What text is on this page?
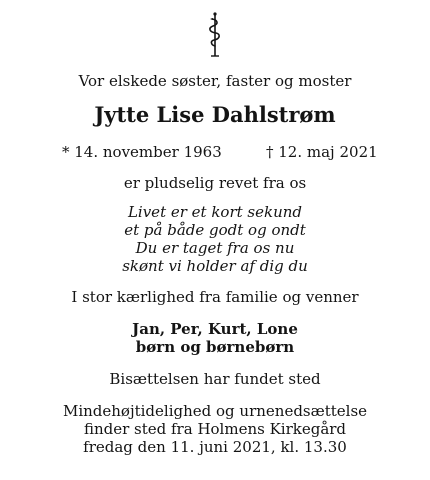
Vor elskede søster, faster og moster
Jytte Lise Dahlstrøm
* 14. november 1963	† 12. maj 2021
er pludselig revet fra os
Livet er et kort sekund
et på både godt og ondt
Du er taget fra os nu
skønt vi holder af dig du
I stor kærlighed fra familie og venner
Jan, Per, Kurt, Lone
børn og børnebørn
Bisættelsen har fundet sted
Mindehøjtidelighed og urnenedsættelse
finder sted fra Holmens Kirkegård
fredag den 11. juni 2021, kl. 13.30
